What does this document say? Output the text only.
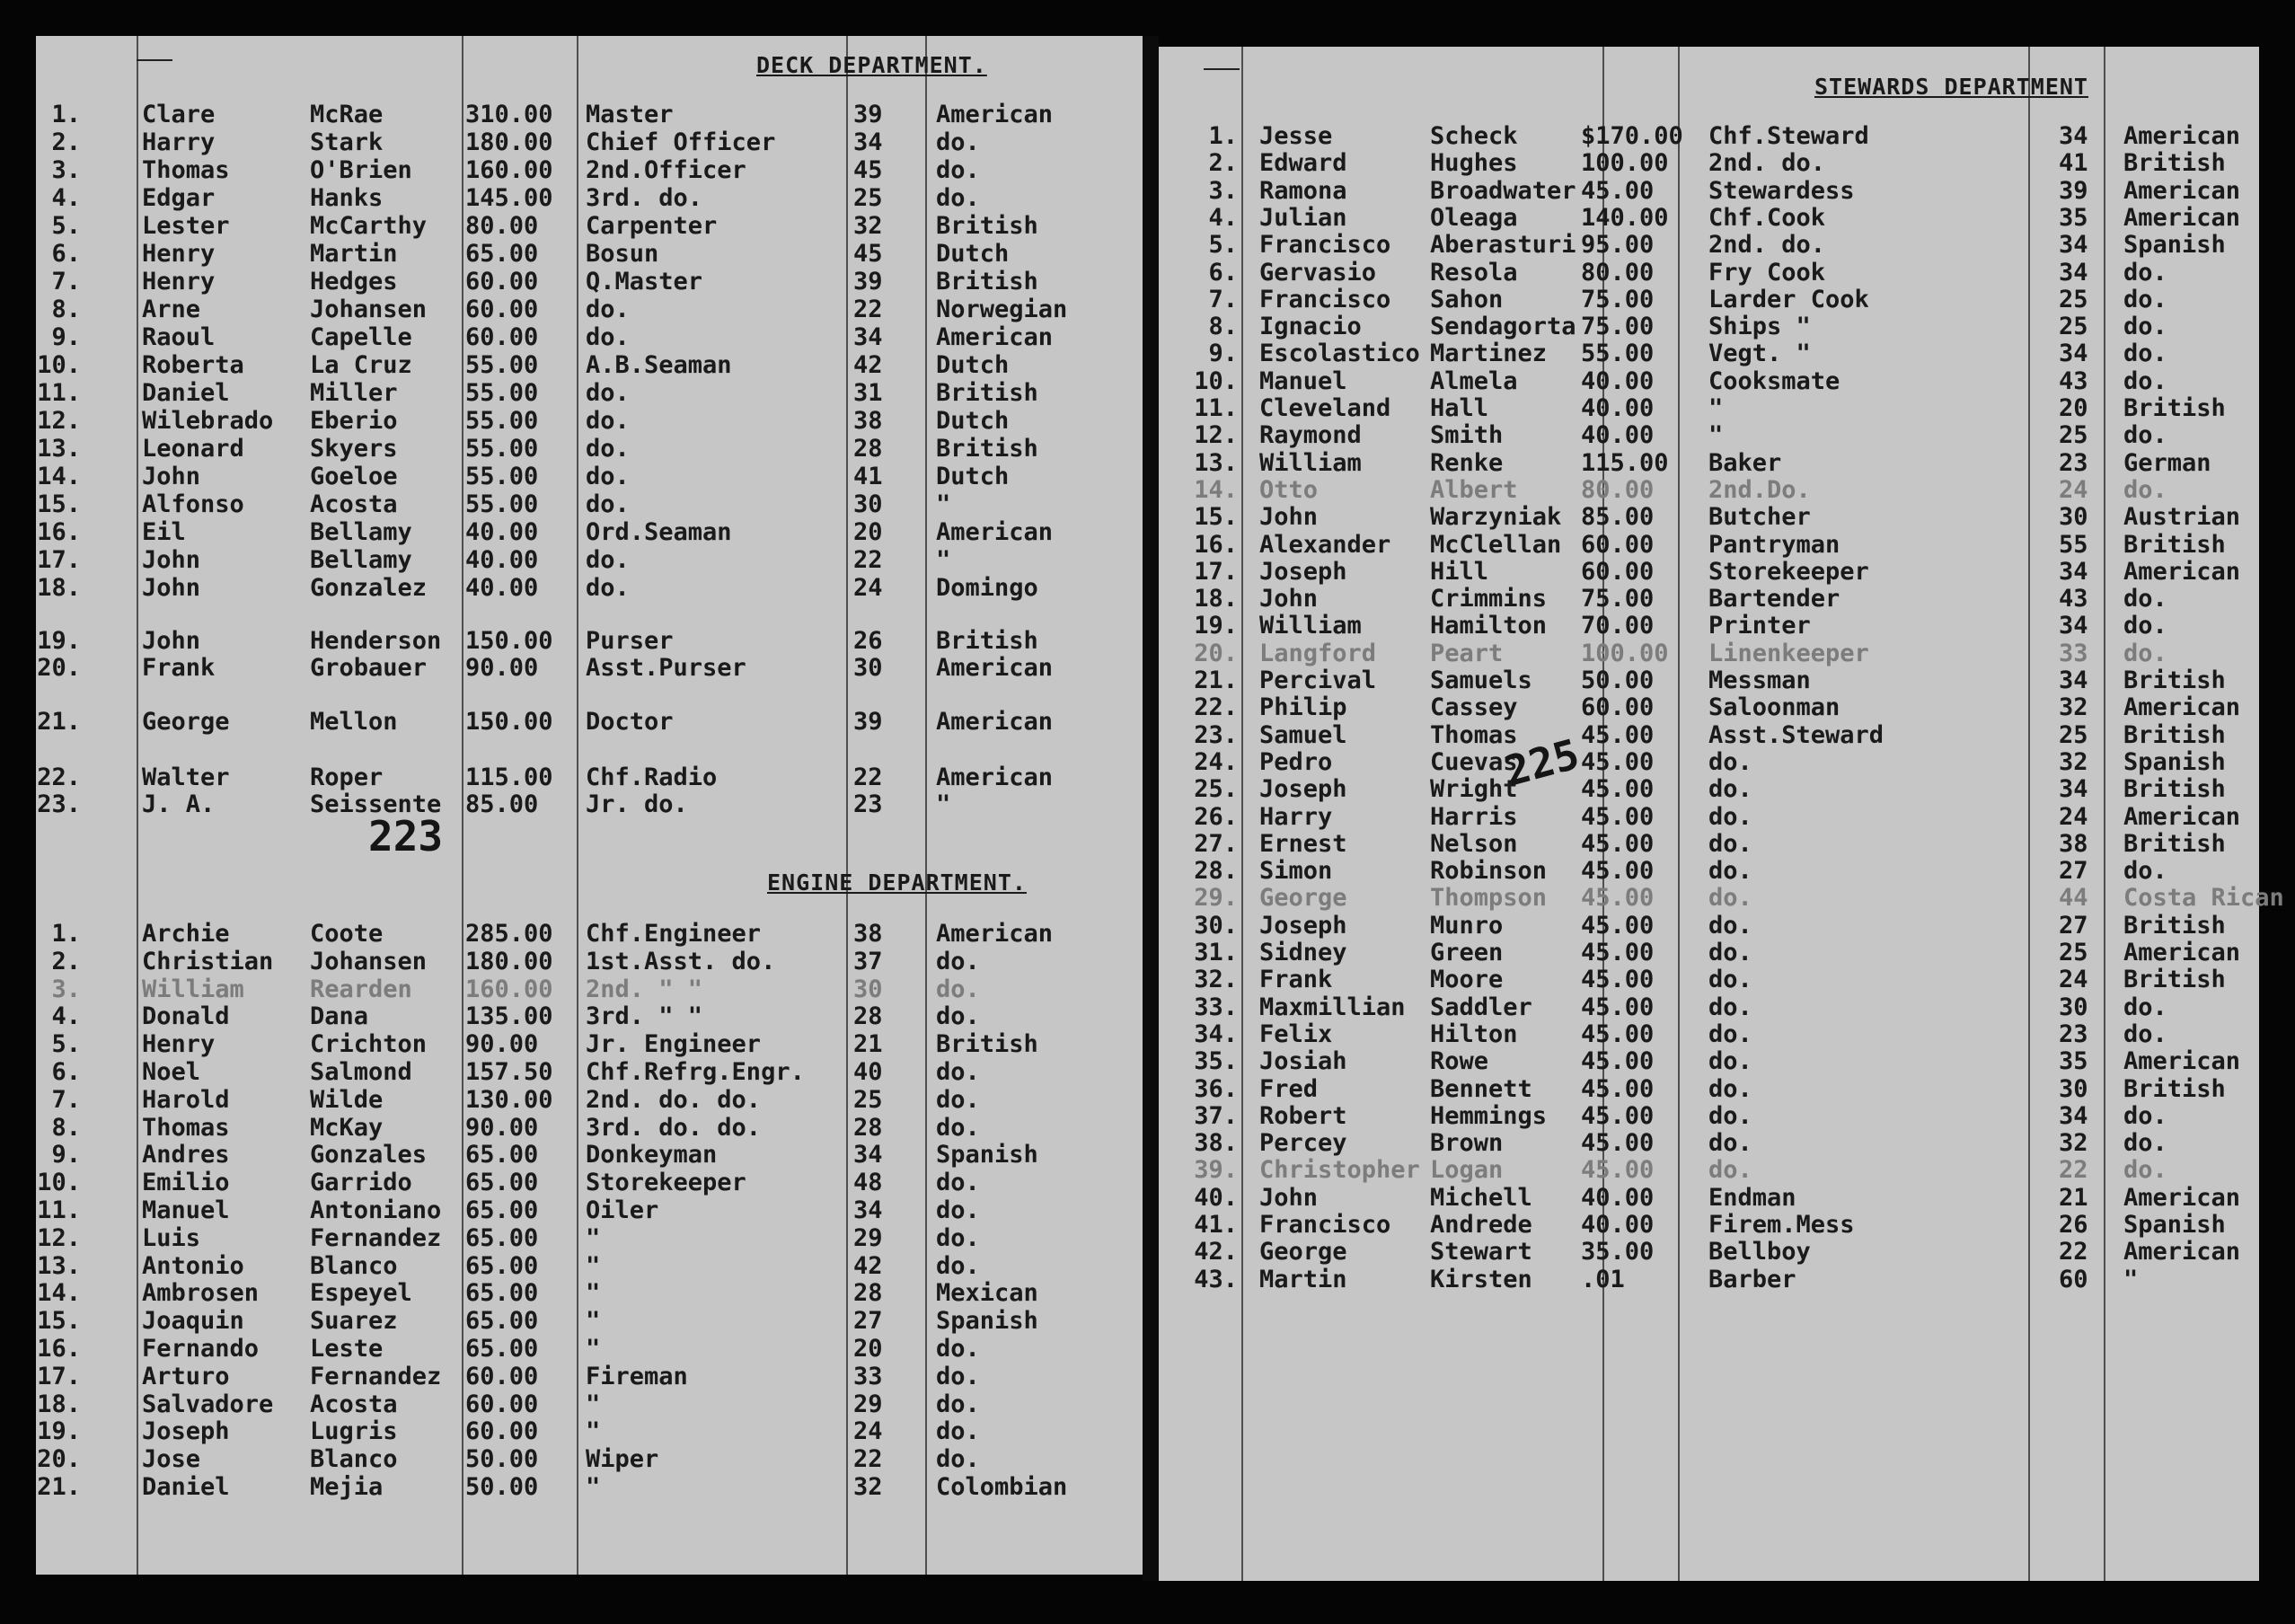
DECK DEPARTMENT.
1.	Clare	McRae	310.00 Master	39 American
2.	Harry	Stark	180.00 Chief Officer	34 do.
3.	Thomas	O'Brien 160.00 2nd.Officer	45 do.
4.	Edgar	Hanks	145.00 3rd. do.	25 do.
5.	Lester	McCarthy 80.00 Carpenter	32 British
6.	Henry	Martin	65.00 Bosun	45 Dutch
7.	Henry	Hedges	60.00 Q.Master	39 British
8.	Arne	Johansen 60.00 do.	22 Norwegian
9.	Raoul	Capelle 60.00 do.	34 American
10.	Roberta	La Cruz 55.00 A.B.Seaman	42 Dutch
11.	Daniel	Miller	55.00 do.	31 British
12.	Wilebrado Eberio	55.00 do.	38 Dutch
13.	Leonard	Skyers	55.00 do.	28 British
14.	John	Goeloe	55.00 do.	41 Dutch
15.	Alfonso	Acosta	55.00 do.	30 "
16.	Eil	Bellamy 40.00 Ord.Seaman	20 American
17.	John	Bellamy 40.00 do.	22 "
18.	John	Gonzalez 40.00 do.	24 Domingo
19.	John	Henderson 150.00 Purser	26 British
20.	Frank	Grobauer 90.00 Asst.Purser	30 American
21.	George	Mellon	150.00 Doctor	39 American
22.	Walter	Roper	115.00 Chf.Radio	22 American
23.	J. A.	Seissente 85.00 Jr. do.	23 "
223
ENGINE DEPARTMENT.
1.	Archie	Coote	285.00 Chf.Engineer	38 American
2.	Christian Johansen 180.00 1st.Asst. do.	37 do.
3.	William	Rearden 160.00 2nd. " "	30 do.
4.	Donald	Dana	135.00 3rd. " "	28 do.
5.	Henry	Crichton 90.00 Jr. Engineer	21 British
6.	Noel	Salmond 157.50 Chf.Refrg.Engr. 40 do.
7.	Harold	Wilde	130.00 2nd. do. do.	25 do.
8.	Thomas	McKay	90.00 3rd. do. do.	28 do.
9.	Andres	Gonzales 65.00 Donkeyman	34 Spanish
10.	Emilio	Garrido 65.00 Storekeeper	48 do.
11.	Manuel	Antoniano 65.00 Oiler	34 do.
12.	Luis	Fernandez 65.00 "	29 do.
13.	Antonio	Blanco	65.00 "	42 do.
14.	Ambrosen Espeyel 65.00 "	28 Mexican
15.	Joaquin	Suarez	65.00 "	27 Spanish
16.	Fernando Leste	65.00 "	20 do.
17.	Arturo	Fernandez 60.00 Fireman	33 do.
18.	Salvadore Acosta	60.00 "	29 do.
19.	Joseph	Lugris	60.00 "	24 do.
20.	Jose	Blanco	50.00 Wiper	22 do.
21.	Daniel	Mejia	50.00 "	32 Colombian
STEWARDS DEPARTMENT
1. Jesse	Scheck	$170.00 Chf.Steward	34 American
2. Edward	Hughes	100.00 2nd. do.	41 British
3. Ramona	Broadwater 45.00 Stewardess	39 American
4. Julian	Oleaga	140.00 Chf.Cook	35 American
5. Francisco Aberasturi 95.00 2nd. do.	34 Spanish
6. Gervasio Resola	80.00 Fry Cook	34 do.
7. Francisco Sahon	75.00 Larder Cook	25 do.
8. Ignacio	Sendagorta 75.00 Ships "	25 do.
9. Escolastico Martinez 55.00 Vegt. "	34 do.
10. Manuel	Almela	40.00 Cooksmate	43 do.
11. Cleveland Hall	40.00 "	20 British
12. Raymond	Smith	40.00 "	25 do.
13. William	Renke	115.00 Baker	23 German
14. Otto	Albert	80.00 2nd.Do.	24 do.
15. John	Warzyniak 85.00 Butcher	30 Austrian
16. Alexander McClellan 60.00 Pantryman	55 British
17. Joseph	Hill	60.00 Storekeeper	34 American
18. John	Crimmins 75.00 Bartender	43 do.
19. William	Hamilton 70.00 Printer	34 do.
20. Langford Peart	100.00 Linenkeeper	33 do.
21. Percival Samuels 50.00 Messman	34 British
22. Philip	Cassey	60.00 Saloonman	32 American
23. Samuel	Thomas	45.00 Asst.Steward	25 British
24. Pedro	Cuevas	45.00 do.	32 Spanish
25. Joseph	Wright	45.00 do.	34 British
26. Harry	Harris	45.00 do.	24 American
27. Ernest	Nelson	45.00 do.	38 British
28. Simon	Robinson 45.00 do.	27 do.
29. George	Thompson 45.00 do.	44 Costa Rican
30. Joseph	Munro	45.00 do.	27 British
31. Sidney	Green	45.00 do.	25 American
32. Frank	Moore	45.00 do.	24 British
33. Maxmillian Saddler 45.00 do.	30 do.
34. Felix	Hilton	45.00 do.	23 do.
35. Josiah	Rowe	45.00 do.	35 American
36. Fred	Bennett 45.00 do.	30 British
37. Robert	Hemmings 45.00 do.	34 do.
38. Percey	Brown	45.00 do.	32 do.
39. Christopher Logan	45.00 do.	22 do.
40. John	Michell 40.00 Endman	21 American
41. Francisco Andrede 40.00 Firem.Mess	26 Spanish
42. George	Stewart 35.00 Bellboy	22 American
43. Martin	Kirsten .01	Barber	60 "
225
